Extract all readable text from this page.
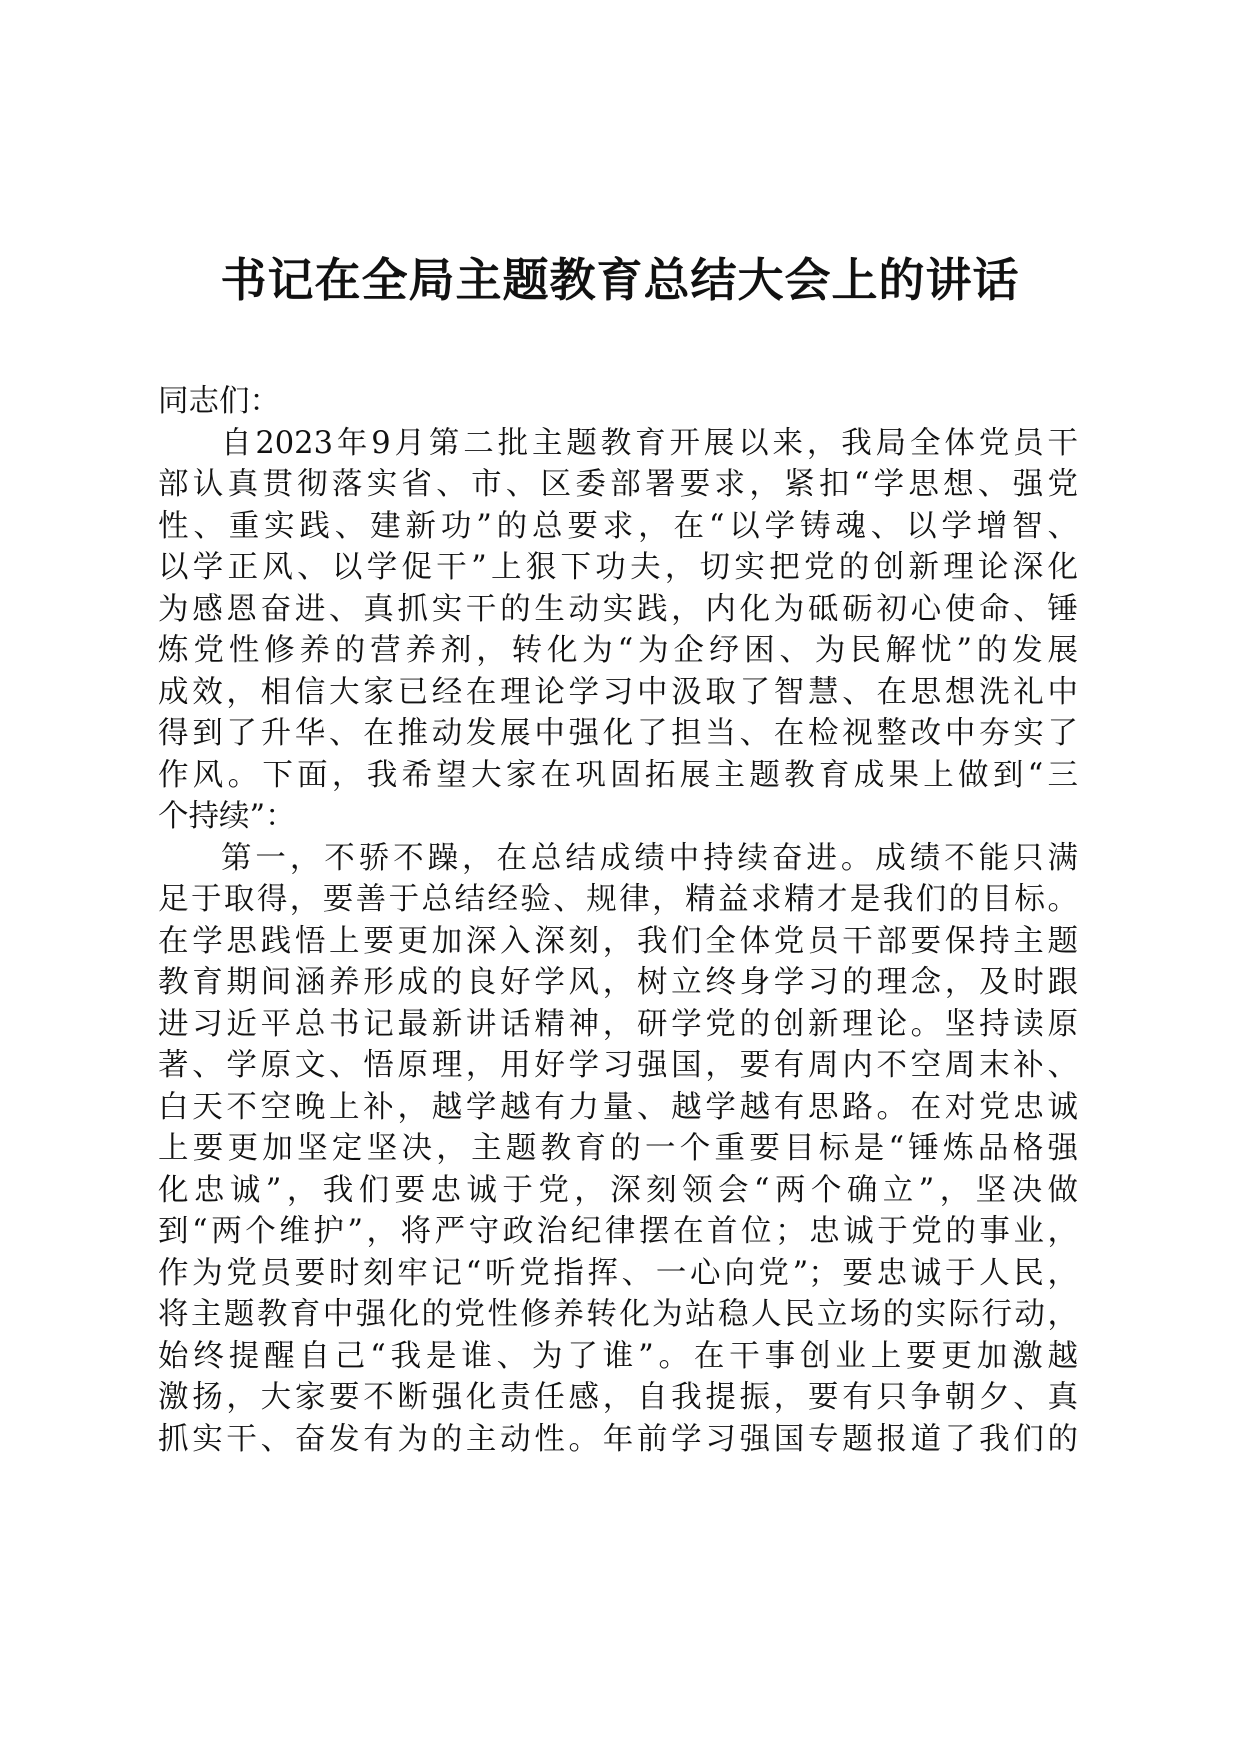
书记在全局主题教育总结大会上的讲话
同志们：
自2023年9月第二批主题教育开展以来，我局全体党员干
部认真贯彻落实省、市、区委部署要求，紧扣“学思想、强党
性、重实践、建新功”的总要求，在“以学铸魂、以学增智、
以学正风、以学促干”上狠下功夫，切实把党的创新理论深化
为感恩奋进、真抓实干的生动实践，内化为砥砺初心使命、锤
炼党性修养的营养剂，转化为“为企纾困、为民解忧”的发展
成效，相信大家已经在理论学习中汲取了智慧、在思想洗礼中
得到了升华、在推动发展中强化了担当、在检视整改中夯实了
作风。下面，我希望大家在巩固拓展主题教育成果上做到“三
个持续”：
第一，不骄不躁，在总结成绩中持续奋进。成绩不能只满
足于取得，要善于总结经验、规律，精益求精才是我们的目标。
在学思践悟上要更加深入深刻，我们全体党员干部要保持主题
教育期间涵养形成的良好学风，树立终身学习的理念，及时跟
进习近平总书记最新讲话精神，研学党的创新理论。坚持读原
著、学原文、悟原理，用好学习强国，要有周内不空周末补、
白天不空晚上补，越学越有力量、越学越有思路。在对党忠诚
上要更加坚定坚决，主题教育的一个重要目标是“锤炼品格强
化忠诚”，我们要忠诚于党，深刻领会“两个确立”，坚决做
到“两个维护”，将严守政治纪律摆在首位；忠诚于党的事业，
作为党员要时刻牢记“听党指挥、一心向党”；要忠诚于人民，
将主题教育中强化的党性修养转化为站稳人民立场的实际行动，
始终提醒自己“我是谁、为了谁”。在干事创业上要更加激越
激扬，大家要不断强化责任感，自我提振，要有只争朝夕、真
抓实干、奋发有为的主动性。年前学习强国专题报道了我们的
